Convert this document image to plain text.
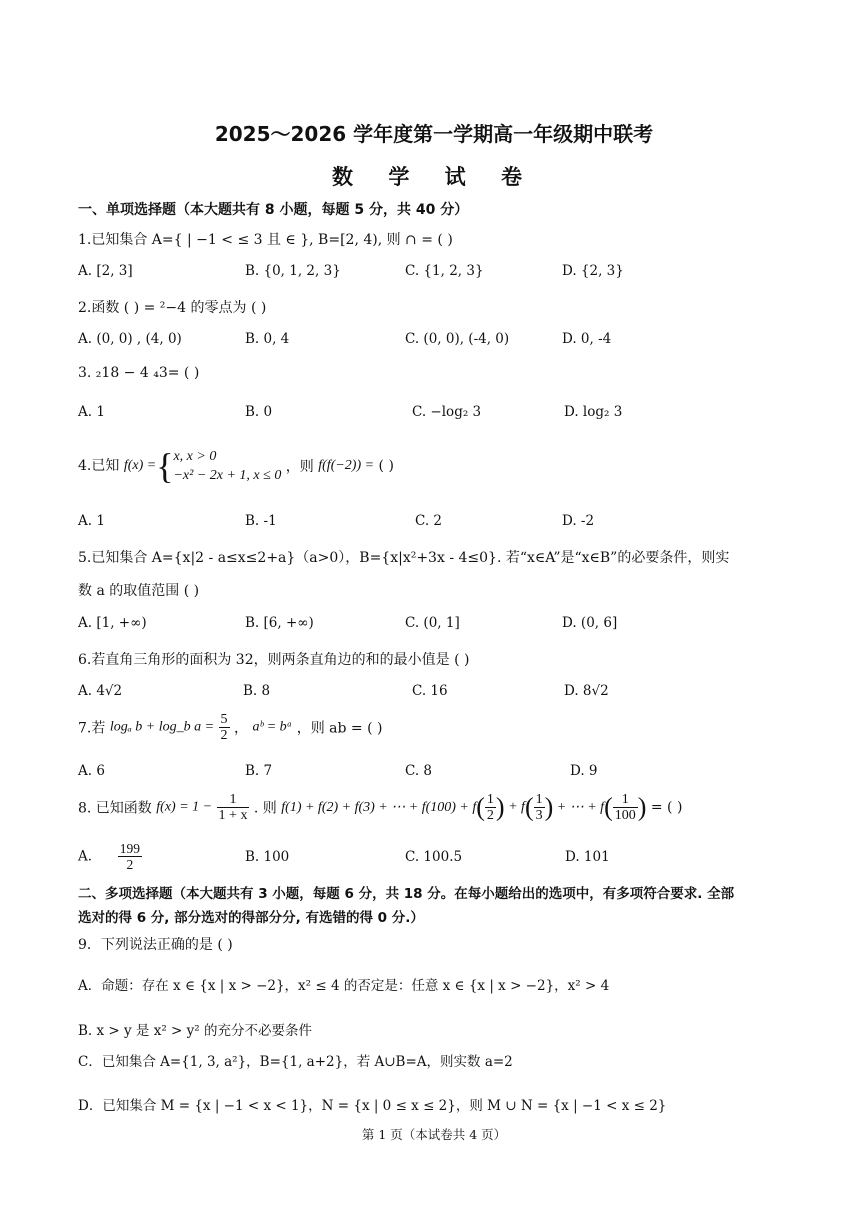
2025～2026 学年度第一学期高一年级期中联考
数 学 试 卷
一、单项选择题（本大题共有 8 小题，每题 5 分，共 40 分）
1.已知集合 A={ | −1 < ≤ 3 且 ∈ }, B=[2, 4), 则 ∩ = ( )
A. [2, 3]	B. {0, 1, 2, 3}	C. {1, 2, 3}	D. {2, 3}
2.函数 ( ) = ²−4 的零点为 ( )
A. (0, 0) , (4, 0)	B. 0, 4	C. (0, 0), (-4, 0)	D. 0, -4
3. ₂18 − 4 ₄3= ( )
A. 1	B. 0	C. −log₂ 3	D. log₂ 3
4.已知 f(x) ={ x, x > 0
−x² − 2x + 1, x ≤ 0
，则 f(f(−2)) = ( )
A. 1	B. -1	C. 2	D. -2
5.已知集合 A={x|2 - a≤x≤2+a}（a>0），B={x|x²+3x - 4≤0}. 若“x∈A”是“x∈B”的必要条件，则实
数 a 的取值范围 ( )
A. [1, +∞)	B. [6, +∞)	C. (0, 1]	D. (0, 6]
6.若直角三角形的面积为 32，则两条直角边的和的最小值是 ( )
A. 4√2	B. 8	C. 16	D. 8√2
7.若 logₐ b + log_b $a = \frac{5}{2}$ ， aᵇ = bᵃ ，则 ab = ( )
A. 6	B. 7	C. 8	D. 9
8. 已知函数 $f(x) = 1 - \frac{1}{1 + x}$ . 则 f(1) + f(2) + f(3) + ⋯ + $f(100) + f( \frac{1}{2}$ ) + $f( \frac{1}{3}$ ) + ⋯ + $f( \frac{1}{100}$ ) = ( )
A. $\frac{199}{2}$	B. 100	C. 100.5	D. 101
二、多项选择题（本大题共有 3 小题，每题 6 分，共 18 分。在每小题给出的选项中，有多项符合要求. 全部
选对的得 6 分, 部分选对的得部分分, 有选错的得 0 分.）
9．下列说法正确的是 ( )
A．命题：存在 x ∈ {x | x > −2}，x² ≤ 4 的否定是：任意 x ∈ {x | x > −2}，x² > 4
B. x > y 是 x² > y² 的充分不必要条件
C．已知集合 A={1, 3, a²}，B={1, a+2}，若 A∪B=A，则实数 a=2
D．已知集合 M = {x | −1 < x < 1}，N = {x | 0 ≤ x ≤ 2}，则 M ∪ N = {x | −1 < x ≤ 2}
第 1 页（本试卷共 4 页）
